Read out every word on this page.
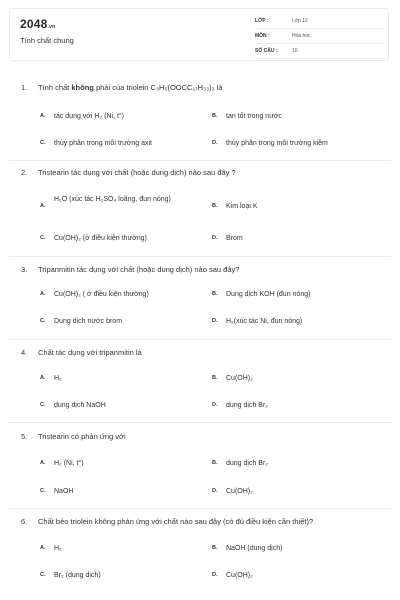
2048.vn
Tính chất chung
LỚP :	Lớp 12
MÔN :	Hóa học
SỐ CÂU :	10
1. Tính chất không phải của triolein C₃H₅(OOCC₁₇H₃₃)₃ là
A. tác dụng với H₂ (Ni, t°)	B. tan tốt trong nước
C. thủy phân trong môi trường axit	D. thủy phân trong môi trường kiềm
2. Tristearin tác dụng với chất (hoặc dung dịch) nào sau đây ?
A.
H₂O (xúc tác H₂SO₄ loãng, đun nóng)
B. Kim loại K
C. Cu(OH)₂ (ở điều kiện thường)	D. Brom
3. Tripanmitin tác dụng với chất (hoặc dung dịch) nào sau đây?
A. Cu(OH)₂ ( ở điều kiện thường)	B. Dung dịch KOH (đun nóng)
C. Dung dịch nước brom	D. H₂(xúc tác Ni, đun nóng)
4. Chất tác dụng với tripanmitin là
A. H₂	B. Cu(OH)₂
C. dung dịch NaOH	D. dung dịch Br₂
5. Tristearin có phản ứng với
A. H₂ (Ni, t°)	B. dung dịch Br₂
C. NaOH	D. Cu(OH)₂
6. Chất béo triolein không phản ứng với chất nào sau đây (có đủ điều kiện cần thiết)?
A. H₂	B. NaOH (dung dịch)
C. Br₂ (dung dịch)	D. Cu(OH)₂
